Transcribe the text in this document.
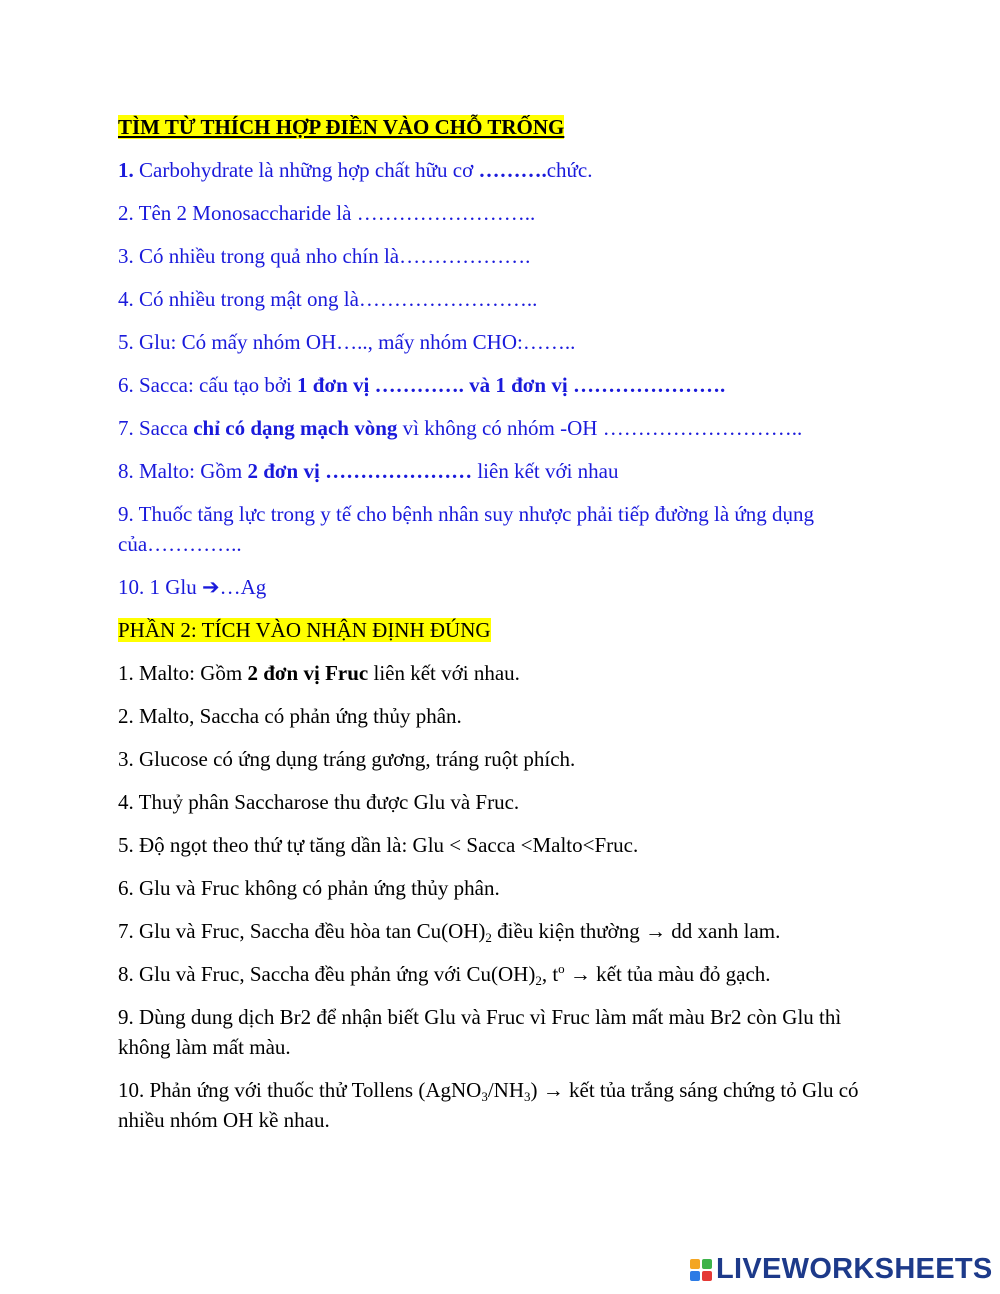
TÌM TỪ THÍCH HỢP ĐIỀN VÀO CHỖ TRỐNG
1. Carbohydrate là những hợp chất hữu cơ ……….chức.
2. Tên 2 Monosaccharide là ……………………..
3. Có nhiều trong quả nho chín là……………….
4. Có nhiều trong mật ong là……………………..
5. Glu: Có mấy nhóm OH….., mấy nhóm CHO:……..
6. Sacca: cấu tạo bởi 1 đơn vị …………. và 1 đơn vị ………………….
7. Sacca chỉ có dạng mạch vòng vì không có nhóm -OH ………………………..
8. Malto: Gồm 2 đơn vị ………………… liên kết với nhau
9. Thuốc tăng lực trong y tế cho bệnh nhân suy nhược phải tiếp đường là ứng dụng của…………..
10. 1 Glu ➔…Ag
PHẦN 2: TÍCH VÀO NHẬN ĐỊNH ĐÚNG
1. Malto: Gồm 2 đơn vị Fruc liên kết với nhau.
2. Malto, Saccha có phản ứng thủy phân.
3. Glucose có ứng dụng tráng gương, tráng ruột phích.
4. Thuỷ phân Saccharose thu được Glu và Fruc.
5. Độ ngọt theo thứ tự tăng dần là: Glu < Sacca <Malto<Fruc.
6. Glu và Fruc không có phản ứng thủy phân.
7. Glu và Fruc, Saccha đều hòa $\tan Cu(OH)_2$ điều kiện thường → dd xanh lam.
8. Glu và Fruc, Saccha đều phản ứng với $Cu(OH)_2$, $t^o$ → kết tủa màu đỏ gạch.
9. Dùng dung dịch Br2 để nhận biết Glu và Fruc vì Fruc làm mất màu Br2 còn Glu thì không làm mất màu.
10. Phản ứng với thuốc thử Tollens $(AgNO_3/NH_3)$ → kết tủa trắng sáng chứng tỏ Glu có nhiều nhóm OH kề nhau.
LIVEWORKSHEETS
